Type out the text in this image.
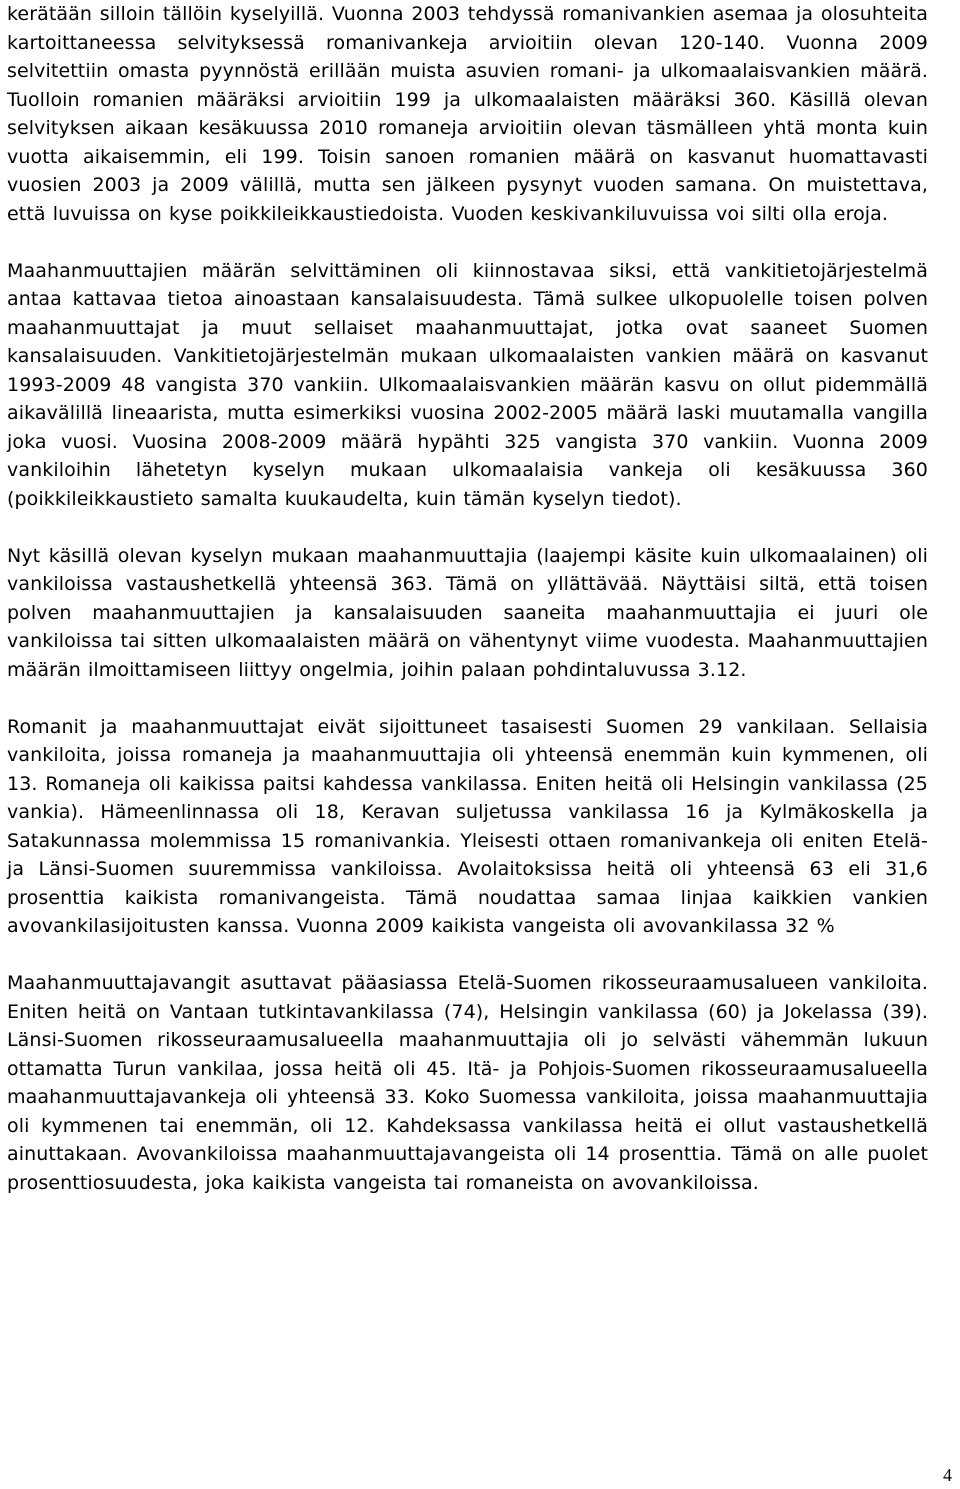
kerätään silloin tällöin kyselyillä. Vuonna 2003 tehdyssä romanivankien asemaa ja olosuhteita kartoittaneessa selvityksessä romanivankeja arvioitiin olevan 120-140. Vuonna 2009 selvitettiin omasta pyynnöstä erillään muista asuvien romani- ja ulkomaalaisvankien määrä. Tuolloin romanien määräksi arvioitiin 199 ja ulkomaalaisten määräksi 360. Käsillä olevan selvityksen aikaan kesäkuussa 2010 romaneja arvioitiin olevan täsmälleen yhtä monta kuin vuotta aikaisemmin, eli 199. Toisin sanoen romanien määrä on kasvanut huomattavasti vuosien 2003 ja 2009 välillä, mutta sen jälkeen pysynyt vuoden samana. On muistettava, että luvuissa on kyse poikkileikkaustiedoista. Vuoden keskivankiluvuissa voi silti olla eroja.

Maahanmuuttajien määrän selvittäminen oli kiinnostavaa siksi, että vankitietojärjestelmä antaa kattavaa tietoa ainoastaan kansalaisuudesta. Tämä sulkee ulkopuolelle toisen polven maahanmuuttajat ja muut sellaiset maahanmuuttajat, jotka ovat saaneet Suomen kansalaisuuden. Vankitietojärjestelmän mukaan ulkomaalaisten vankien määrä on kasvanut 1993-2009 48 vangista 370 vankiin. Ulkomaalaisvankien määrän kasvu on ollut pidemmällä aikavälillä lineaarista, mutta esimerkiksi vuosina 2002-2005 määrä laski muutamalla vangilla joka vuosi. Vuosina 2008-2009 määrä hypähti 325 vangista 370 vankiin. Vuonna 2009 vankiloihin lähetetyn kyselyn mukaan ulkomaalaisia vankeja oli kesäkuussa 360 (poikkileikkaustieto samalta kuukaudelta, kuin tämän kyselyn tiedot).

Nyt käsillä olevan kyselyn mukaan maahanmuuttajia (laajempi käsite kuin ulkomaalainen) oli vankiloissa vastaushetkellä yhteensä 363. Tämä on yllättävää. Näyttäisi siltä, että toisen polven maahanmuuttajien ja kansalaisuuden saaneita maahanmuuttajia ei juuri ole vankiloissa tai sitten ulkomaalaisten määrä on vähentynyt viime vuodesta. Maahanmuuttajien määrän ilmoittamiseen liittyy ongelmia, joihin palaan pohdintaluvussa 3.12.

Romanit ja maahanmuuttajat eivät sijoittuneet tasaisesti Suomen 29 vankilaan. Sellaisia vankiloita, joissa romaneja ja maahanmuuttajia oli yhteensä enemmän kuin kymmenen, oli 13. Romaneja oli kaikissa paitsi kahdessa vankilassa. Eniten heitä oli Helsingin vankilassa (25 vankia). Hämeenlinnassa oli 18, Keravan suljetussa vankilassa 16 ja Kylmäkoskella ja Satakunnassa molemmissa 15 romanivankia. Yleisesti ottaen romanivankeja oli eniten Etelä- ja Länsi-Suomen suuremmissa vankiloissa. Avolaitoksissa heitä oli yhteensä 63 eli 31,6 prosenttia kaikista romanivangeista. Tämä noudattaa samaa linjaa kaikkien vankien avovankilasijoitusten kanssa. Vuonna 2009 kaikista vangeista oli avovankilassa 32 %

Maahanmuuttajavangit asuttavat pääasiassa Etelä-Suomen rikosseuraamusalueen vankiloita. Eniten heitä on Vantaan tutkintavankilassa (74), Helsingin vankilassa (60) ja Jokelassa (39). Länsi-Suomen rikosseuraamusalueella maahanmuuttajia oli jo selvästi vähemmän lukuun ottamatta Turun vankilaa, jossa heitä oli 45. Itä- ja Pohjois-Suomen rikosseuraamusalueella maahanmuuttajavankeja oli yhteensä 33. Koko Suomessa vankiloita, joissa maahanmuuttajia oli kymmenen tai enemmän, oli 12. Kahdeksassa vankilassa heitä ei ollut vastaushetkellä ainuttakaan. Avovankiloissa maahanmuuttajavangeista oli 14 prosenttia. Tämä on alle puolet prosenttiosuudesta, joka kaikista vangeista tai romaneista on avovankiloissa.

4
